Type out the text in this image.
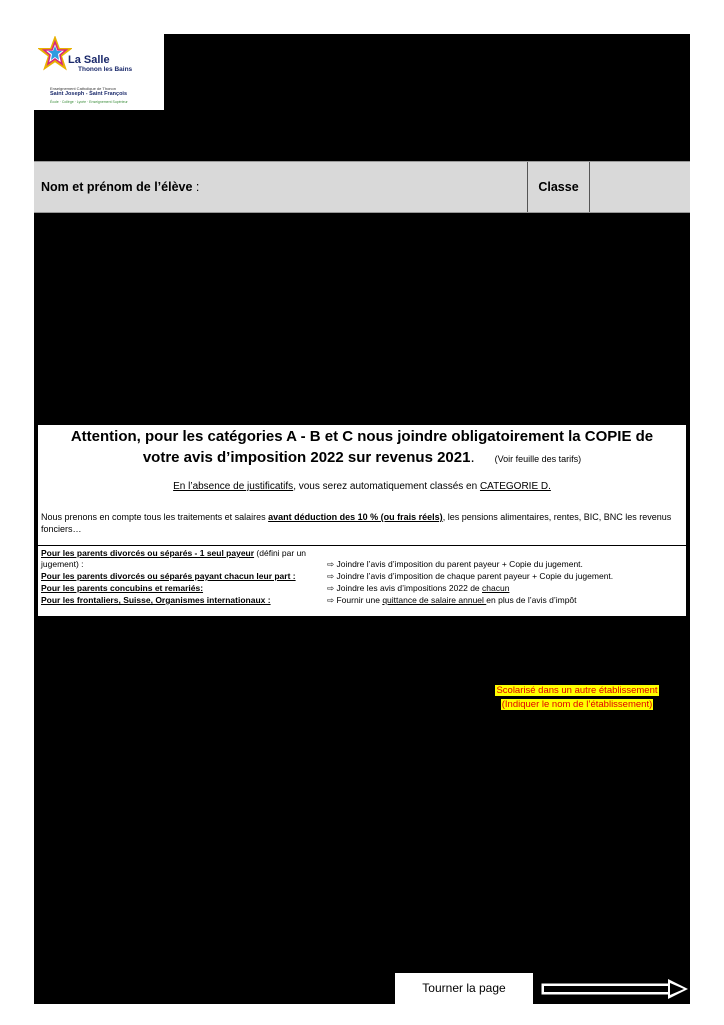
La Salle
Thonon les Bains
Enseignement Catholique de Thonon
Saint Joseph - Saint François
École · Collège · Lycée · Enseignement Supérieur
Nom et prénom de l’élève :	Classe
Attention, pour les catégories A - B et C nous joindre obligatoirement la COPIE de
votre avis d’imposition 2022 sur revenus 2021. (Voir feuille des tarifs)
En l’absence de justificatifs, vous serez automatiquement classés en CATEGORIE D.
Nous prenons en compte tous les traitements et salaires avant déduction des 10 % (ou frais réels), les pensions alimentaires, rentes, BIC, BNC les revenus fonciers…
Pour les parents divorcés ou séparés - 1 seul payeur (défini par un jugement) :	⇨ Joindre l’avis d’imposition du parent payeur + Copie du jugement.
Pour les parents divorcés ou séparés payant chacun leur part :	⇨ Joindre l’avis d’imposition de chaque parent payeur + Copie du jugement.
Pour les parents concubins et remariés:	⇨ Joindre les avis d’impositions 2022 de chacun
Pour les frontaliers, Suisse, Organismes internationaux :	⇨ Fournir une quittance de salaire annuel en plus de l’avis d’impôt
Scolarisé dans un autre établissement
(Indiquer le nom de l’établissement)
Tourner la page
